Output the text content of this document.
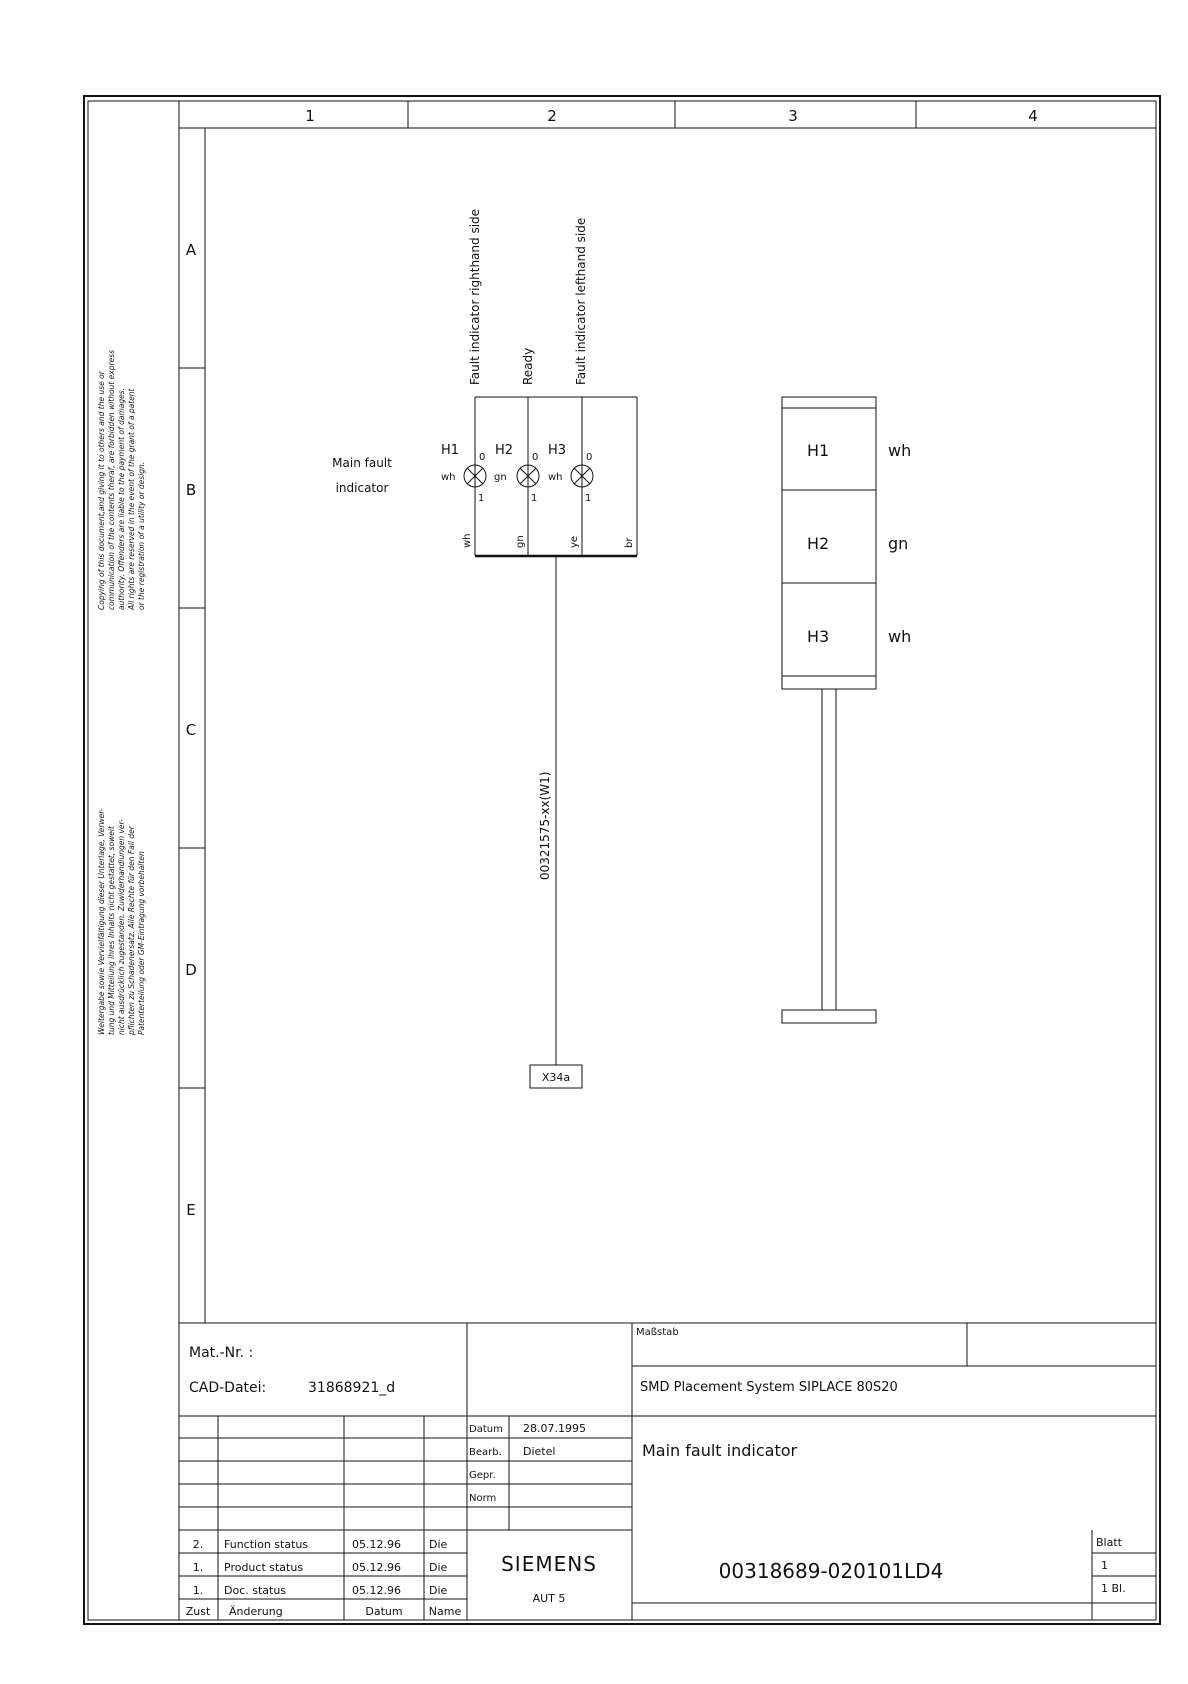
1	2	3	4
A
B
C
D
E
Copying of this document,and giving it to others and the use or communication of the contents theraf, are forbidden without express authority. Offenders are liable to the payment of damages. All rights are reserved in the event of the grant of a patent or the registration of a utility or design.
Weitergabe sowie Vervielfältigung dieser Unterlage, Verwer- tung und Mitteilung ihres Inhalts nicht gestattet, soweit nicht ausdrücklich zugestanden. Zuwiderhandlungen ver- pflichten zu Schadenersatz. Alle Rechte für den Fall der Patenterteilung oder GM-Eintragung vorbehalten
Main fault
indicator
Fault indicator righthand side	Ready	Fault indicator lefthand side
H1
wh
0
1
H2
gn
0
1
H3
wh
0
1
wh	gn	ye	br
00321575-xx(W1)
X34a
H1	wh
H2	gn
H3	wh
Mat.-Nr. :
CAD-Datei:	31868921_d
Maßstab
SMD Placement System SIPLACE 80S20
Main fault indicator
Datum 28.07.1995
Bearb. Dietel
Gepr.
Norm
2. Function status	05.12.96	Die
1. Product status	05.12.96	Die
1. Doc. status	05.12.96	Die
Zust Änderung	Datum Name
SIEMENS
AUT 5
00318689-020101LD4
Blatt
1
1 Bl.
